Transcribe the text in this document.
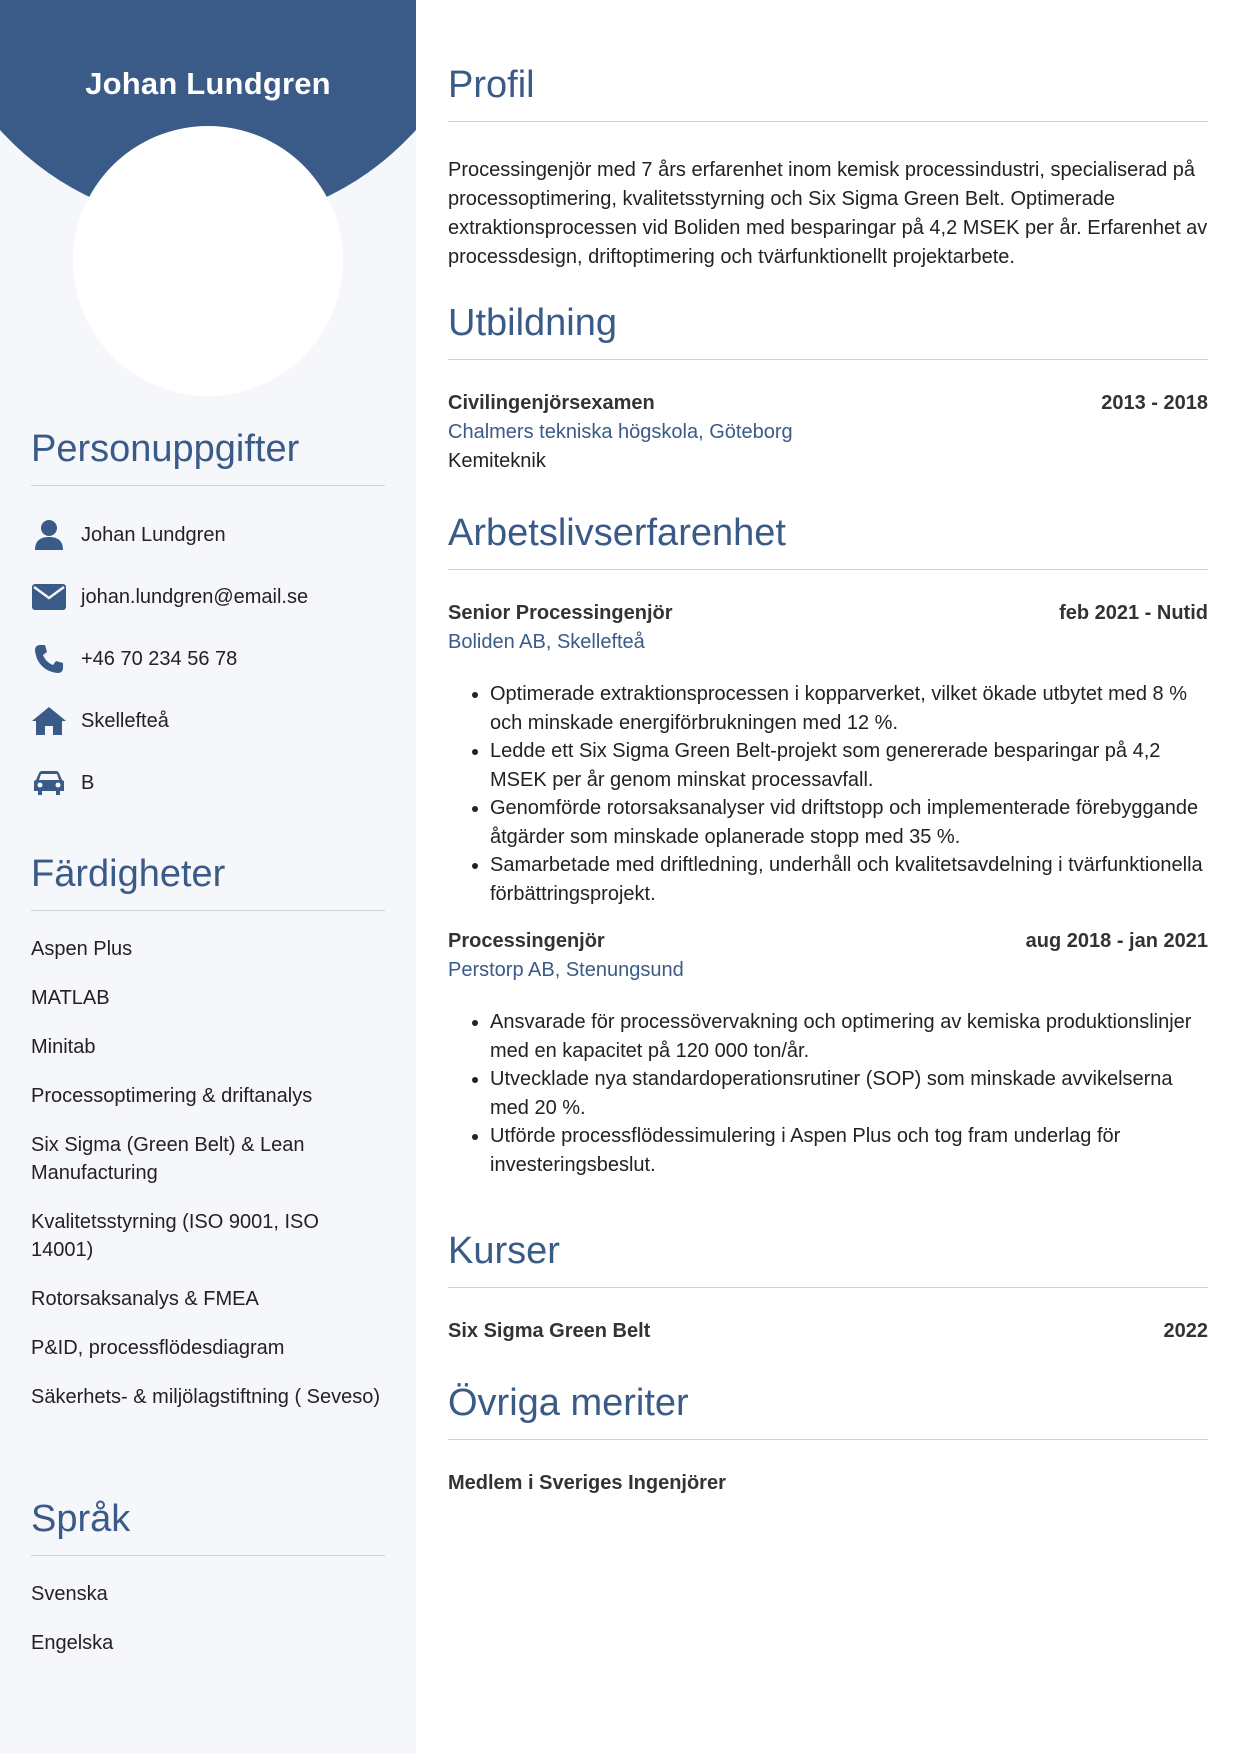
Johan Lundgren
Personuppgifter
Johan Lundgren
johan.lundgren@email.se
+46 70 234 56 78
Skellefteå
B
Färdigheter
Aspen Plus
MATLAB
Minitab
Processoptimering & driftanalys
Six Sigma (Green Belt) & Lean Manufacturing
Kvalitetsstyrning (ISO 9001, ISO 14001)
Rotorsaksanalys & FMEA
P&ID, processflödesdiagram
Säkerhets- & miljölagstiftning ( Seveso)
Språk
Svenska
Engelska
Profil

Processingenjör med 7 års erfarenhet inom kemisk processindustri, specialiserad på processoptimering, kvalitetsstyrning och Six Sigma Green Belt. Optimerade extraktionsprocessen vid Boliden med besparingar på 4,2 MSEK per år. Erfarenhet av processdesign, driftoptimering och tvärfunktionellt projektarbete.

Utbildning
Civilingenjörsexamen	2013 - 2018
Chalmers tekniska högskola, Göteborg
Kemiteknik
Arbetslivserfarenhet
Senior Processingenjör	feb 2021 - Nutid
Boliden AB, Skellefteå
• Optimerade extraktionsprocessen i kopparverket, vilket ökade utbytet med 8 % och minskade energiförbrukningen med 12 %.
• Ledde ett Six Sigma Green Belt-projekt som genererade besparingar på 4,2 MSEK per år genom minskat processavfall.
• Genomförde rotorsaksanalyser vid driftstopp och implementerade förebyggande åtgärder som minskade oplanerade stopp med 35 %.
• Samarbetade med driftledning, underhåll och kvalitetsavdelning i tvärfunktionella förbättringsprojekt.
Processingenjör	aug 2018 - jan 2021
Perstorp AB, Stenungsund
• Ansvarade för processövervakning och optimering av kemiska produktionslinjer med en kapacitet på 120 000 ton/år.
• Utvecklade nya standardoperationsrutiner (SOP) som minskade avvikelserna med 20 %.
• Utförde processflödessimulering i Aspen Plus och tog fram underlag för investeringsbeslut.
Kurser
Six Sigma Green Belt	2022
Övriga meriter
Medlem i Sveriges Ingenjörer
